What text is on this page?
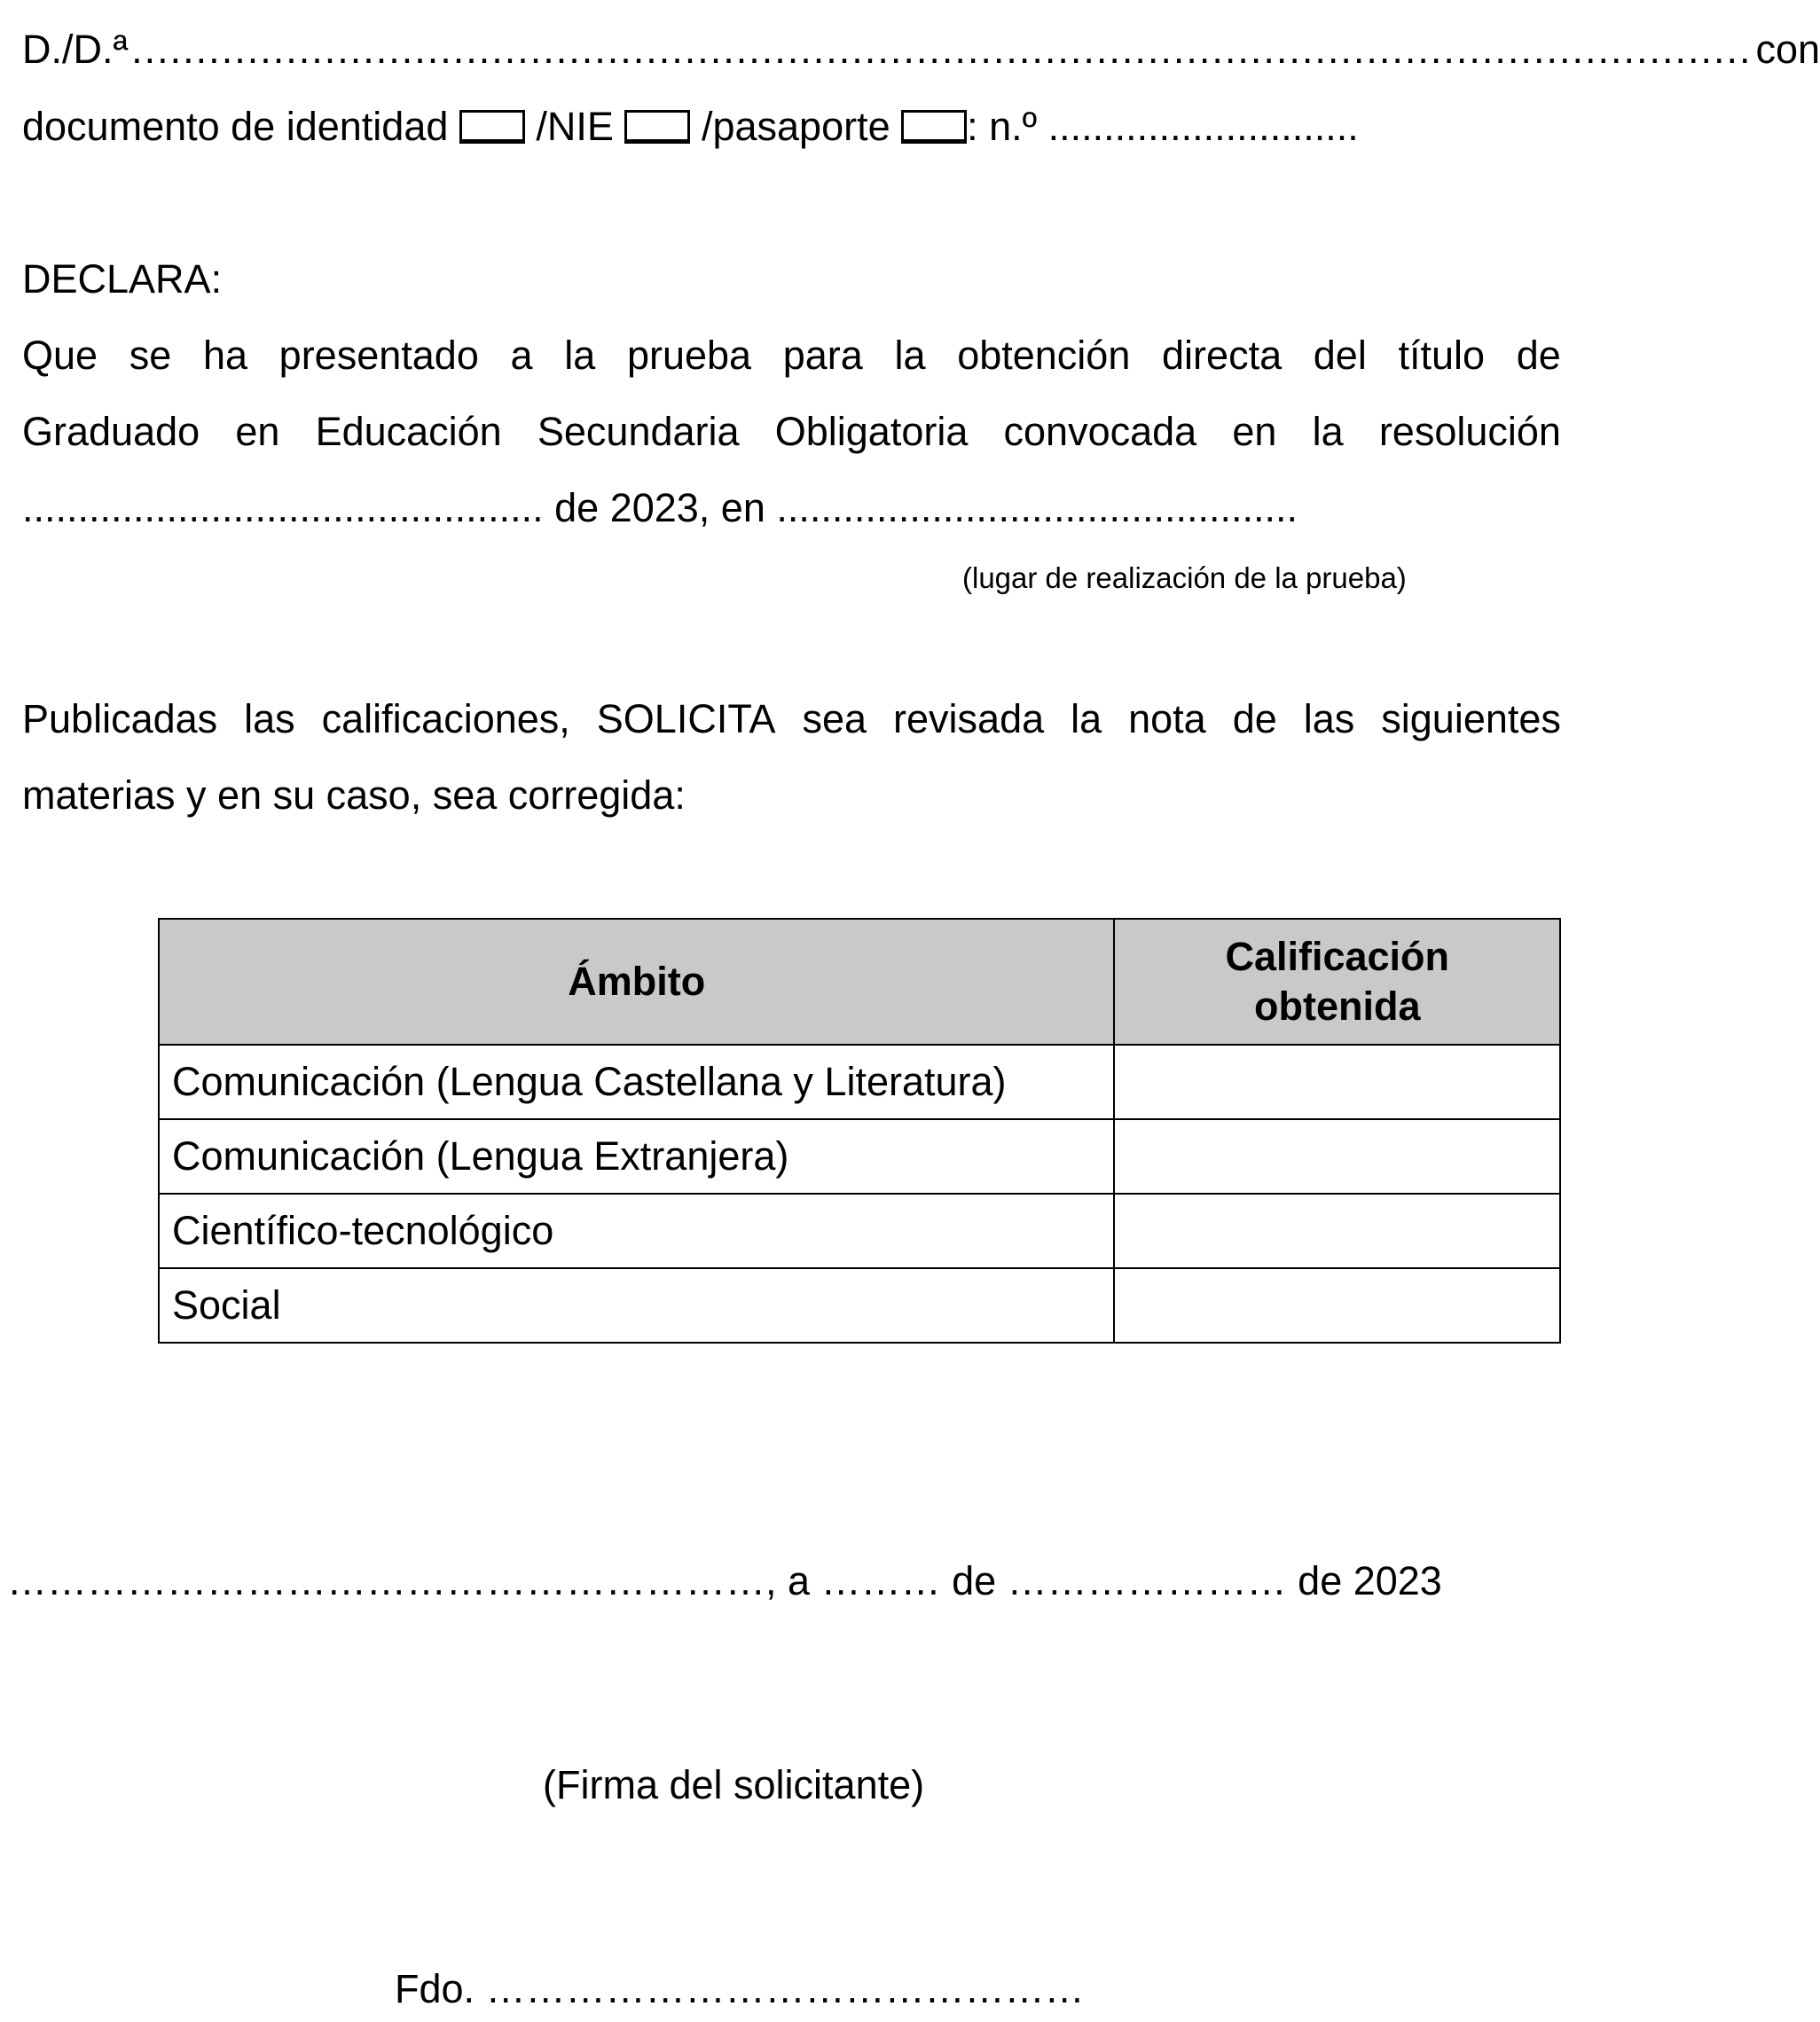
D./D.ª .............................................................................................................................. con
documento de identidad /NIE /pasaporte : n.º ............................
DECLARA:
Que se ha presentado a la prueba para la obtención directa del título de
Graduado en Educación Secundaria Obligatoria convocada en la resolución
............................................... de 2023, en ...............................................
(lugar de realización de la prueba)
Publicadas las calificaciones, SOLICITA sea revisada la nota de las siguientes
materias y en su caso, sea corregida:
Ámbito	Calificación
obtenida
Comunicación (Lengua Castellana y Literatura)	
Comunicación (Lengua Extranjera)	
Científico-tecnológico	
Social	
…………………………………………………, a ……… de ………………… de 2023
(Firma del solicitante)
Fdo. ………………………………………
